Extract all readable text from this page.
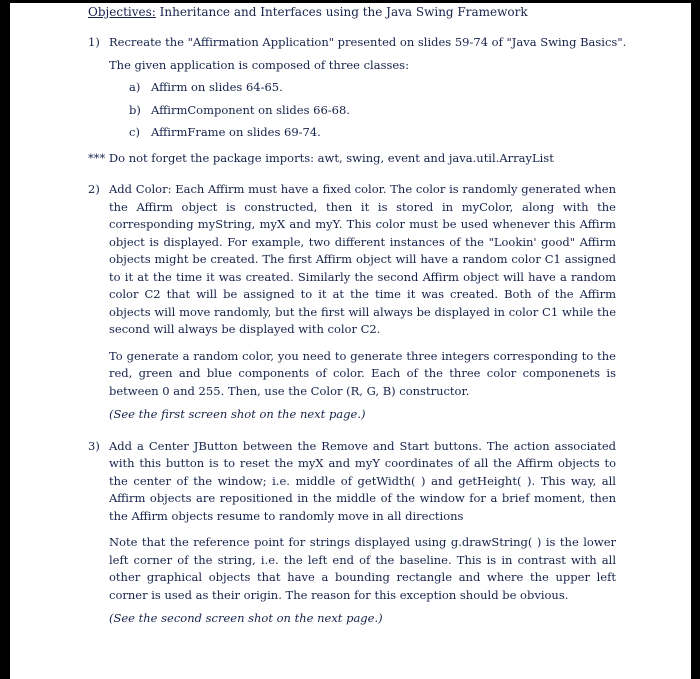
Objectives: Inheritance and Interfaces using the Java Swing Framework

1) Recreate the "Affirmation Application" presented on slides 59-74 of "Java Swing Basics".

The given application is composed of three classes:

a) Affirm on slides 64-65.

b) AffirmComponent on slides 66-68.

c) AffirmFrame on slides 69-74.

*** Do not forget the package imports: awt, swing, event and java.util.ArrayList

2) Add Color: Each Affirm must have a fixed color. The color is randomly generated when the Affirm object is constructed, then it is stored in myColor, along with the corresponding myString, myX and myY. This color must be used whenever this Affirm object is displayed. For example, two different instances of the "Lookin' good" Affirm objects might be created. The first Affirm object will have a random color C1 assigned to it at the time it was created. Similarly the second Affirm object will have a random color C2 that will be assigned to it at the time it was created. Both of the Affirm objects will move randomly, but the first will always be displayed in color C1 while the second will always be displayed with color C2.

To generate a random color, you need to generate three integers corresponding to the red, green and blue components of color. Each of the three color componenets is between 0 and 255. Then, use the Color (R, G, B) constructor.

(See the first screen shot on the next page.)

3) Add a Center JButton between the Remove and Start buttons. The action associated with this button is to reset the myX and myY coordinates of all the Affirm objects to the center of the window; i.e. middle of getWidth( ) and getHeight( ). This way, all Affirm objects are repositioned in the middle of the window for a brief moment, then the Affirm objects resume to randomly move in all directions

Note that the reference point for strings displayed using g.drawString( ) is the lower left corner of the string, i.e. the left end of the baseline. This is in contrast with all other graphical objects that have a bounding rectangle and where the upper left corner is used as their origin. The reason for this exception should be obvious.

(See the second screen shot on the next page.)
